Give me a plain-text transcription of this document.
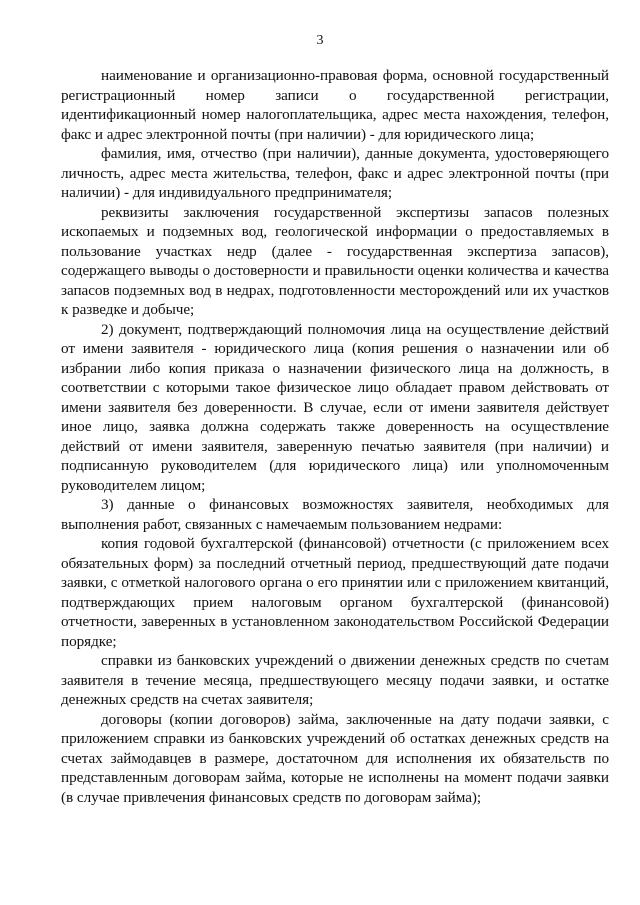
3

наименование и организационно-правовая форма, основной государственный регистрационный номер записи о государственной регистрации, идентификационный номер налогоплательщика, адрес места нахождения, телефон, факс и адрес электронной почты (при наличии) - для юридического лица;

фамилия, имя, отчество (при наличии), данные документа, удостоверяющего личность, адрес места жительства, телефон, факс и адрес электронной почты (при наличии) - для индивидуального предпринимателя;

реквизиты заключения государственной экспертизы запасов полезных ископаемых и подземных вод, геологической информации о предоставляемых в пользование участках недр (далее - государственная экспертиза запасов), содержащего выводы о достоверности и правильности оценки количества и качества запасов подземных вод в недрах, подготовленности месторождений или их участков к разведке и добыче;

2) документ, подтверждающий полномочия лица на осуществление действий от имени заявителя - юридического лица (копия решения о назначении или об избрании либо копия приказа о назначении физического лица на должность, в соответствии с которыми такое физическое лицо обладает правом действовать от имени заявителя без доверенности. В случае, если от имени заявителя действует иное лицо, заявка должна содержать также доверенность на осуществление действий от имени заявителя, заверенную печатью заявителя (при наличии) и подписанную руководителем (для юридического лица) или уполномоченным руководителем лицом;

3) данные о финансовых возможностях заявителя, необходимых для выполнения работ, связанных с намечаемым пользованием недрами:

копия годовой бухгалтерской (финансовой) отчетности (с приложением всех обязательных форм) за последний отчетный период, предшествующий дате подачи заявки, с отметкой налогового органа о его принятии или с приложением квитанций, подтверждающих прием налоговым органом бухгалтерской (финансовой) отчетности, заверенных в установленном законодательством Российской Федерации порядке;

справки из банковских учреждений о движении денежных средств по счетам заявителя в течение месяца, предшествующего месяцу подачи заявки, и остатке денежных средств на счетах заявителя;

договоры (копии договоров) займа, заключенные на дату подачи заявки, с приложением справки из банковских учреждений об остатках денежных средств на счетах займодавцев в размере, достаточном для исполнения их обязательств по представленным договорам займа, которые не исполнены на момент подачи заявки (в случае привлечения финансовых средств по договорам займа);
